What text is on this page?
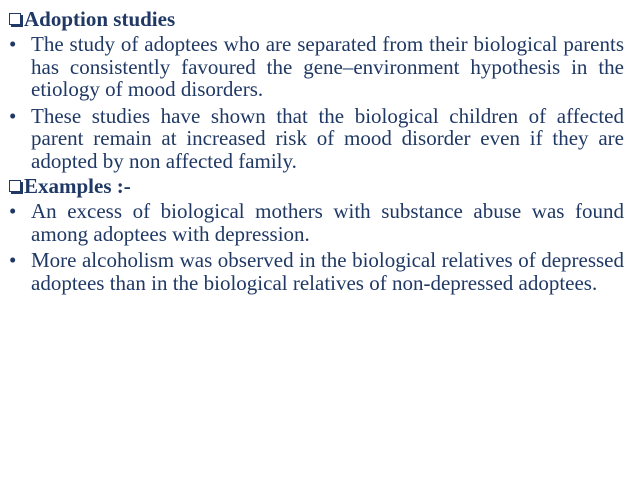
Adoption studies
• The study of adoptees who are separated from their biological parents has consistently favoured the gene–environment hypothesis in the etiology of mood disorders.
• These studies have shown that the biological children of affected parent remain at increased risk of mood disorder even if they are adopted by non affected family.
Examples :-
• An excess of biological mothers with substance abuse was found among adoptees with depression.
• More alcoholism was observed in the biological relatives of depressed adoptees than in the biological relatives of non-depressed adoptees.
